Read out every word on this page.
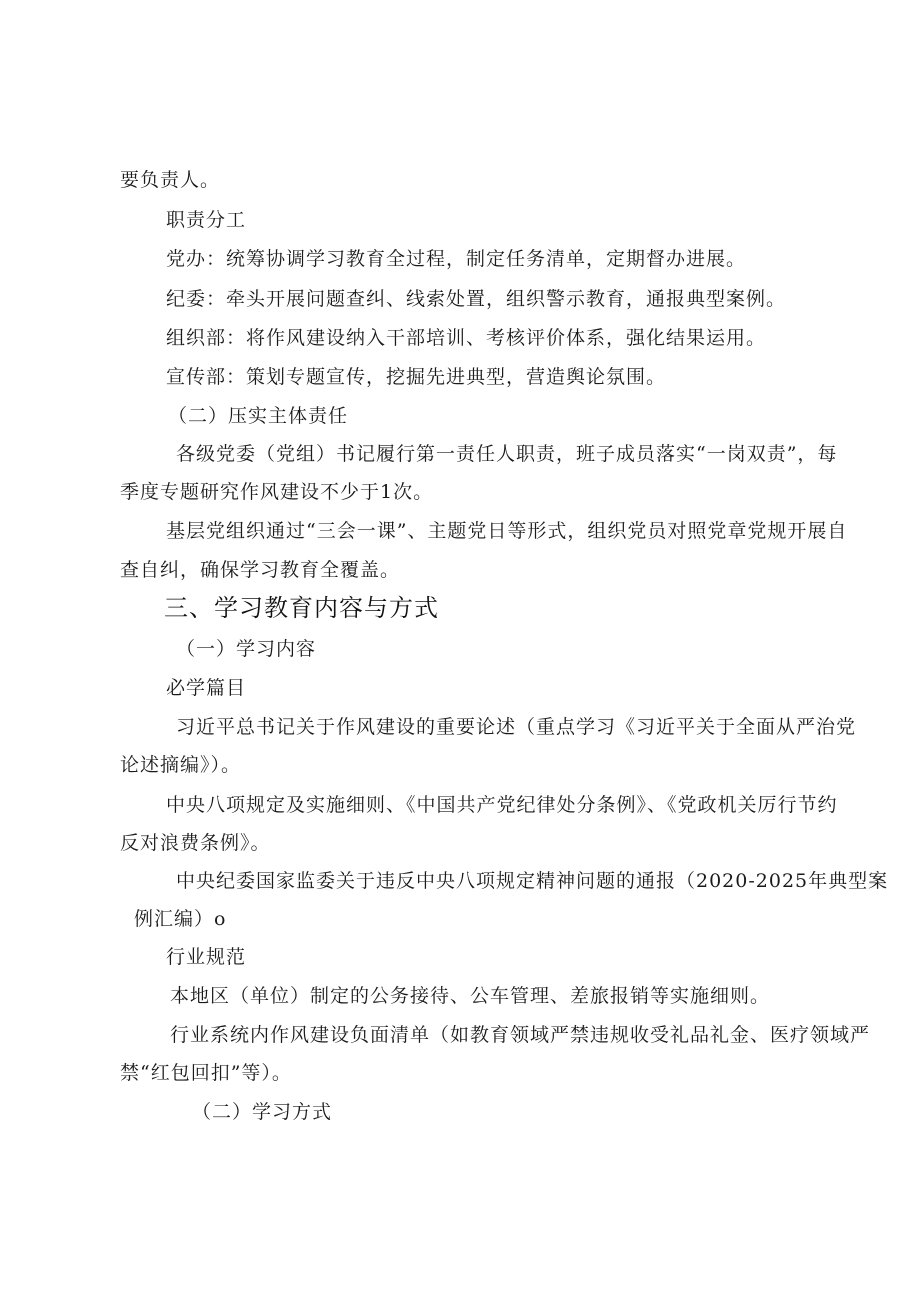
要负责人。
职责分工
党办：统筹协调学习教育全过程，制定任务清单，定期督办进展。
纪委：牵头开展问题查纠、线索处置，组织警示教育，通报典型案例。
组织部：将作风建设纳入干部培训、考核评价体系，强化结果运用。
宣传部：策划专题宣传，挖掘先进典型，营造舆论氛围。
（二）压实主体责任
各级党委（党组）书记履行第一责任人职责，班子成员落实“一岗双责”，每
季度专题研究作风建设不少于1次。
基层党组织通过“三会一课”、主题党日等形式，组织党员对照党章党规开展自
查自纠，确保学习教育全覆盖。
三、学习教育内容与方式
（一）学习内容
必学篇目
习近平总书记关于作风建设的重要论述（重点学习《习近平关于全面从严治党
论述摘编》）。
中央八项规定及实施细则、《中国共产党纪律处分条例》、《党政机关厉行节约
反对浪费条例》。
中央纪委国家监委关于违反中央八项规定精神问题的通报（2020-2025年典型案
例汇编）o
行业规范
本地区（单位）制定的公务接待、公车管理、差旅报销等实施细则。
行业系统内作风建设负面清单（如教育领域严禁违规收受礼品礼金、医疗领域严
禁“红包回扣”等）。
（二）学习方式
